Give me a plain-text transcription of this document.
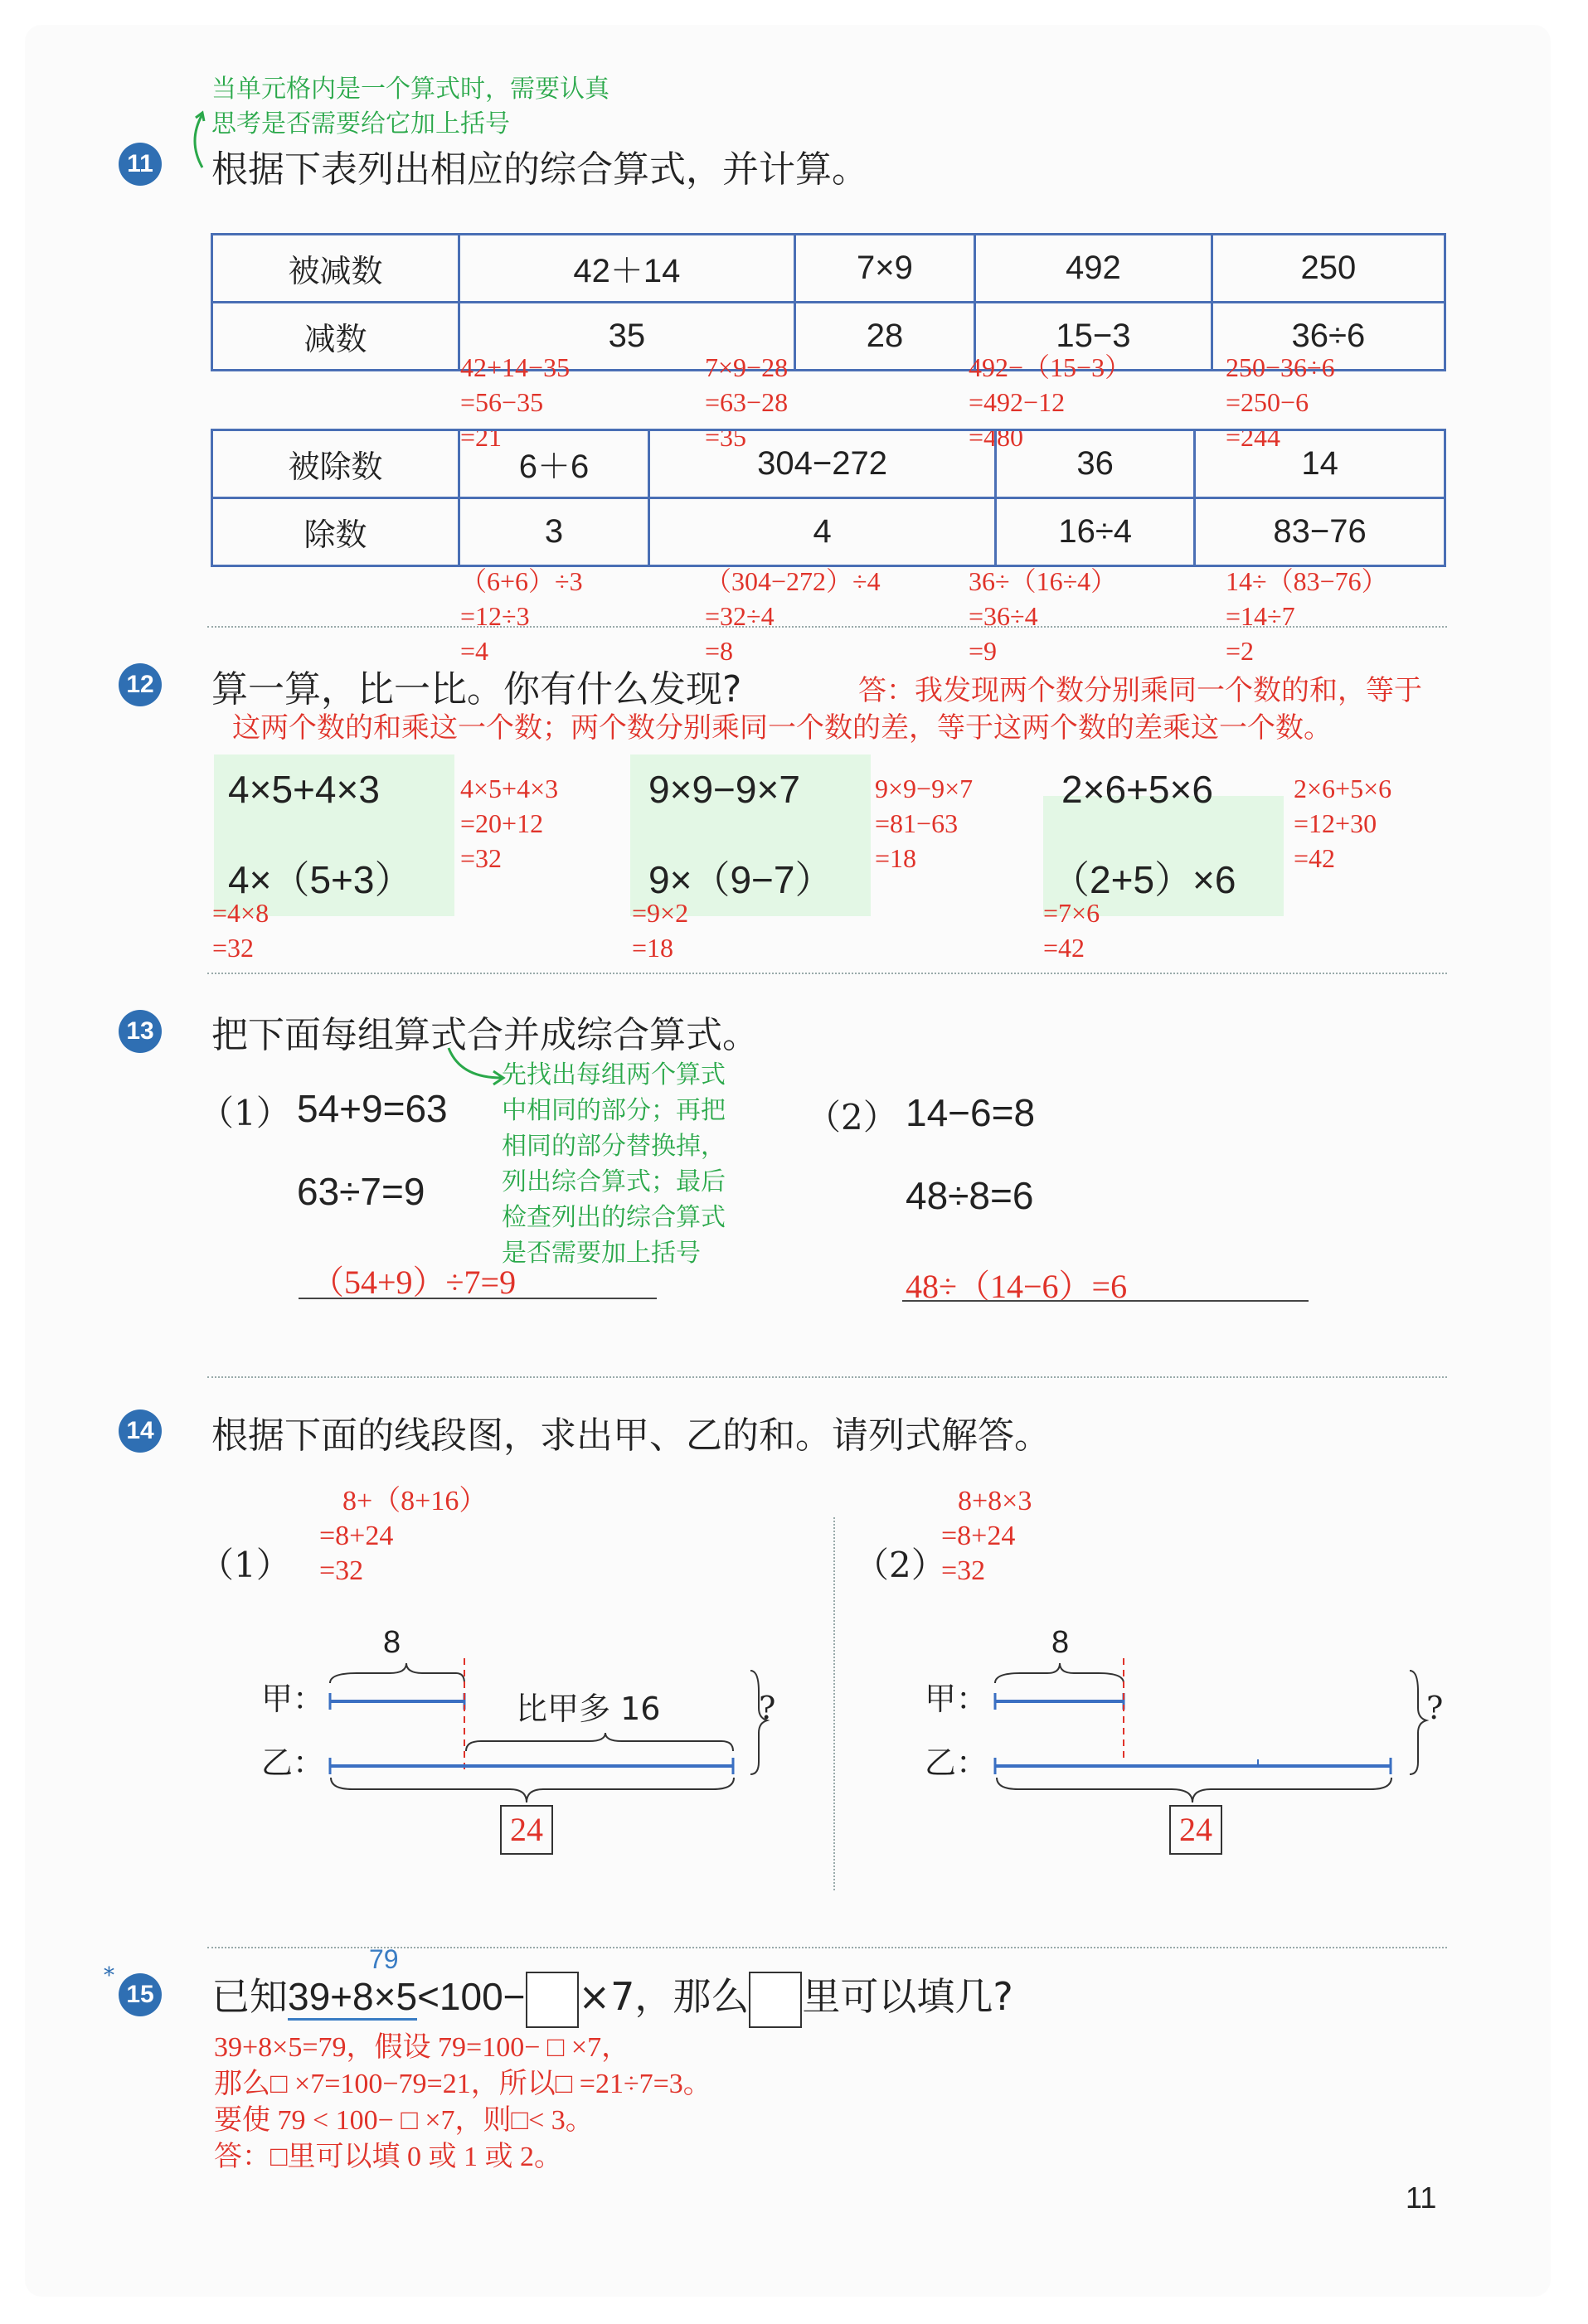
当单元格内是一个算式时，需要认真
思考是否需要给它加上括号
11 根据下表列出相应的综合算式，并计算。
被减数	42＋14	7×9	492	250
减数	35	28	15−3	36÷6
42+14−35
=56−35
=21
7×9−28
=63−28
=35
492−（15−3）
=492−12
=480
250−36÷6
=250−6
=244
被除数	6＋6	304−272	36	14
除数	3	4	16÷4	83−76
（6+6）÷3
=12÷3
=4
（304−272）÷4
=32÷4
=8
36÷（16÷4）
=36÷4
=9
14÷（83−76）
=14÷7
=2
12 算一算，比一比。你有什么发现?	答：我发现两个数分别乘同一个数的和，等于
这两个数的和乘这一个数；两个数分别乘同一个数的差，等于这两个数的差乘这一个数。
4×5+4×3	4×5+4×3
=20+12
=32
4×（5+3）
=4×8
=32
9×9−9×7	9×9−9×7
=81−63
=18
9×（9−7）
=9×2
=18
2×6+5×6	2×6+5×6
=12+30
=42
（2+5）×6
=7×6
=42
13 把下面每组算式合并成综合算式。
（1） 54+9=63
63÷7=9
（54+9）÷7=9
先找出每组两个算式
中相同的部分；再把
相同的部分替换掉，
列出综合算式；最后
检查列出的综合算式
是否需要加上括号
（2） 14−6=8
48÷8=6
48÷（14−6）=6
14 根据下面的线段图，求出甲、乙的和。请列式解答。
8+（8+16）
=8+24
=32
（1）
8
甲：
乙：
比甲多 16	?
24
8+8×3
=8+24
=32
（2）
8
甲：
乙：
?
24
*
15
79
已知39+8×5<100− ×7，那么 里可以填几?
39+8×5=79，假设 79=100− □ ×7，
那么□ ×7=100−79=21，所以□ =21÷7=3。
要使 79 < 100− □ ×7，则□< 3。
答：□里可以填 0 或 1 或 2。
11
